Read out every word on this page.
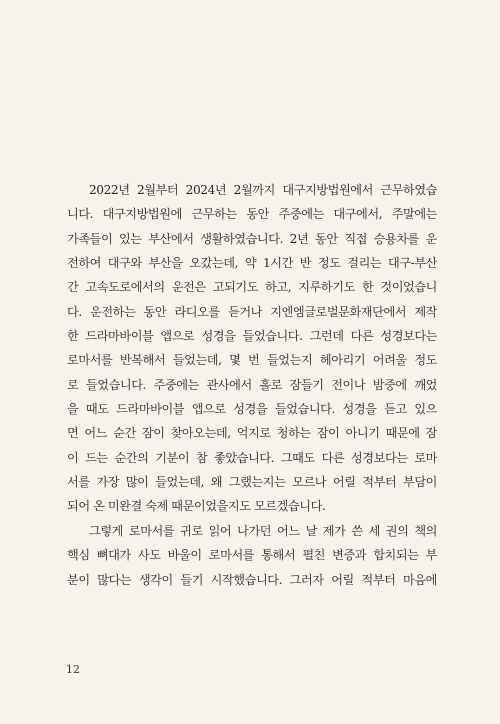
2022년 2월부터 2024년 2월까지 대구지방법원에서 근무하였습
니다. 대구지방법원에 근무하는 동안 주중에는 대구에서, 주말에는
가족들이 있는 부산에서 생활하였습니다. 2년 동안 직접 승용차를 운
전하여 대구와 부산을 오갔는데, 약 1시간 반 정도 걸리는 대구-부산
간 고속도로에서의 운전은 고되기도 하고, 지루하기도 한 것이었습니
다. 운전하는 동안 라디오를 듣거나 지엔엠글로벌문화재단에서 제작
한 드라마바이블 앱으로 성경을 들었습니다. 그런데 다른 성경보다는
로마서를 반복해서 들었는데, 몇 번 들었는지 헤아리기 어려울 정도
로 들었습니다. 주중에는 관사에서 홀로 잠들기 전이나 밤중에 깨었
을 때도 드라마바이블 앱으로 성경을 들었습니다. 성경을 듣고 있으
면 어느 순간 잠이 찾아오는데, 억지로 청하는 잠이 아니기 때문에 잠
이 드는 순간의 기분이 참 좋았습니다. 그때도 다른 성경보다는 로마
서를 가장 많이 들었는데, 왜 그랬는지는 모르나 어릴 적부터 부담이
되어 온 미완결 숙제 때문이었을지도 모르겠습니다.

그렇게 로마서를 귀로 읽어 나가던 어느 날 제가 쓴 세 권의 책의
핵심 뼈대가 사도 바울이 로마서를 통해서 펼친 변증과 합치되는 부
분이 많다는 생각이 들기 시작했습니다. 그러자 어릴 적부터 마음에

12
